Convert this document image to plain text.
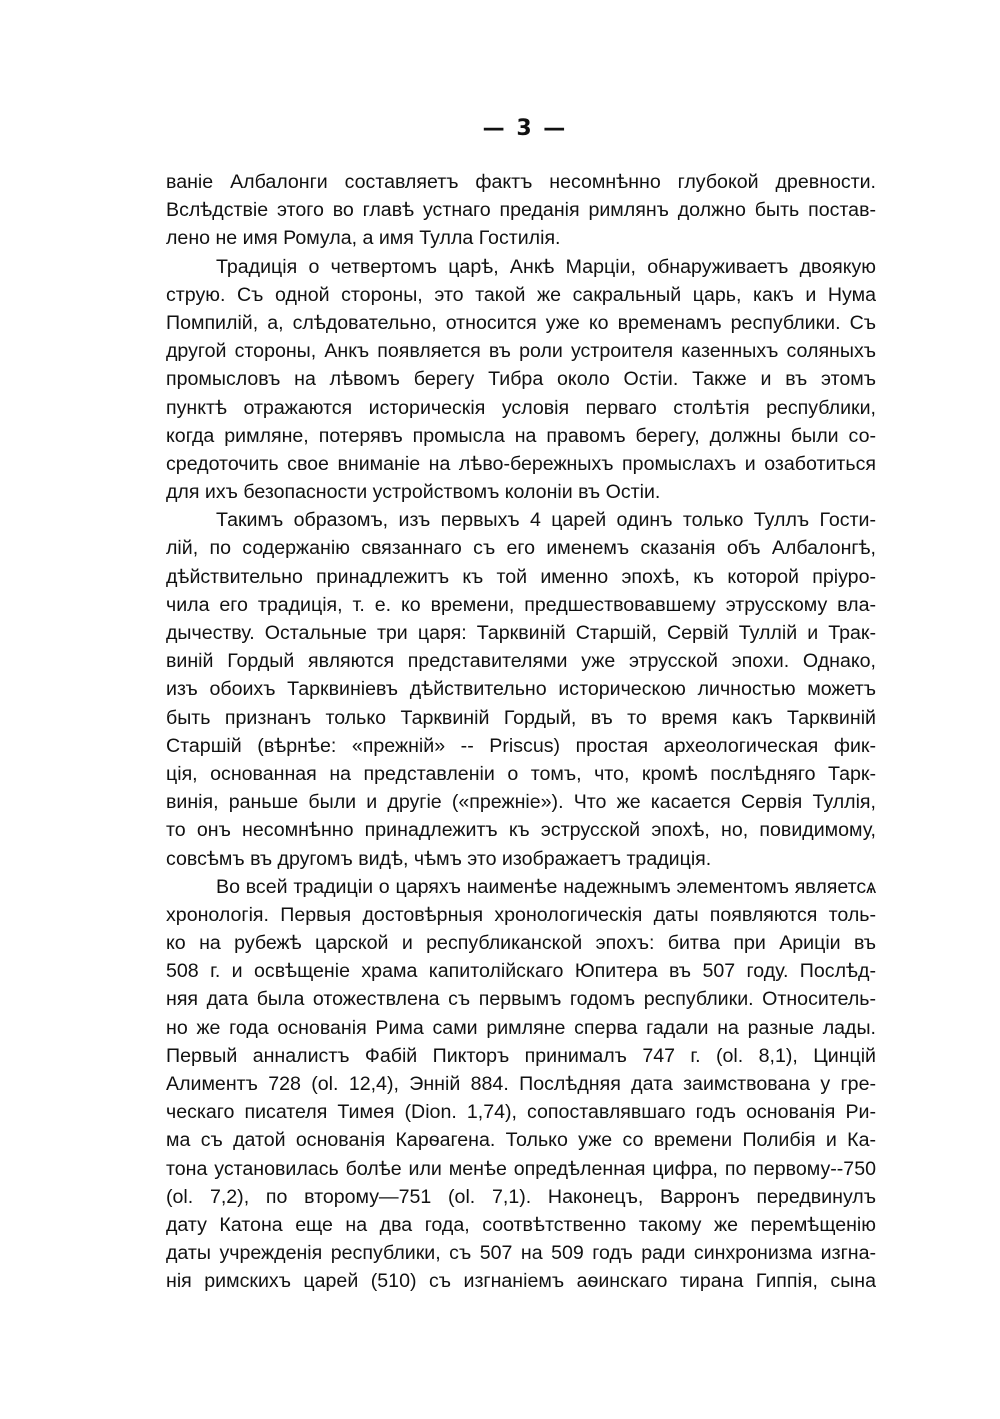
— 3 —
ваніе Албалонги составляетъ фактъ несомнѣнно глубокой древности.
Вслѣдствіе этого во главѣ устнаго преданія римлянъ должно быть постав-
лено не имя Ромула, а имя Тулла Гостилія.
Традиція о четвертомъ царѣ, Анкѣ Марціи, обнаруживаетъ двоякую
струю. Съ одной стороны, это такой же сакральный царь, какъ и Нума
Помпилій, а, слѣдовательно, относится уже ко временамъ республики. Съ
другой стороны, Анкъ появляется въ роли устроителя казенныхъ соляныхъ
промысловъ на лѣвомъ берегу Тибра около Остіи. Также и въ этомъ
пунктѣ отражаются историческія условія перваго столѣтія республики,
когда римляне, потерявъ промысла на правомъ берегу, должны были со-
средоточить свое вниманіе на лѣво-бережныхъ промыслахъ и озаботиться
для ихъ безопасности устройствомъ колоніи въ Остіи.
Такимъ образомъ, изъ первыхъ 4 царей одинъ только Туллъ Гости-
лій, по содержанію связаннаго съ его именемъ сказанія объ Албалонгѣ,
дѣйствительно принадлежитъ къ той именно эпохѣ, къ которой пріуро-
чила его традиція, т. е. ко времени, предшествовавшему этрусскому вла-
дычеству. Остальные три царя: Тарквиній Старшій, Сервій Туллій и Трак-
виній Гордый являются представителями уже этрусской эпохи. Однако,
изъ обоихъ Тарквиніевъ дѣйствительно историческою личностью можетъ
быть признанъ только Тарквиній Гордый, въ то время какъ Тарквиній
Старшій (вѣрнѣе: «прежній» -- Priscus) простая археологическая фик-
ція, основанная на представленіи о томъ, что, кромѣ послѣдняго Тарк-
винія, раньше были и другіе («прежніе»). Что же касается Сервія Туллія,
то онъ несомнѣнно принадлежитъ къ эструсской эпохѣ, но, повидимому,
совсѣмъ въ другомъ видѣ, чѣмъ это изображаетъ традиція.
Во всей традиціи о царяхъ наименѣе надежнымъ элементомъ являетсѧ
хронологія. Первыя достовѣрныя хронологическія даты появляются толь-
ко на рубежѣ царской и республиканской эпохъ: битва при Ариціи въ
508 г. и освѣщеніе храма капитолійскаго Юпитера въ 507 году. Послѣд-
няя дата была отожествлена съ первымъ годомъ республики. Относитель-
но же года основанія Рима сами римляне сперва гадали на разные лады.
Первый анналистъ Фабій Пикторъ принималъ 747 г. (ol. 8,1), Цинцій
Алиментъ 728 (ol. 12,4), Энній 884. Послѣдняя дата заимствована у гре-
ческаго писателя Тимея (Dion. 1,74), сопоставлявшаго годъ основанія Ри-
ма съ датой основанія Карѳагена. Только уже со времени Полибія и Ка-
тона установилась болѣе или менѣе опредѣленная цифра, по первому--750
(ol. 7,2), по второму—751 (ol. 7,1). Наконецъ, Варронъ передвинулъ
дату Катона еще на два года, соотвѣтственно такому же перемѣщенію
даты учрежденія республики, съ 507 на 509 годъ ради синхронизма изгна-
нія римскихъ царей (510) съ изгнаніемъ аѳинскаго тирана Гиппія, сына
